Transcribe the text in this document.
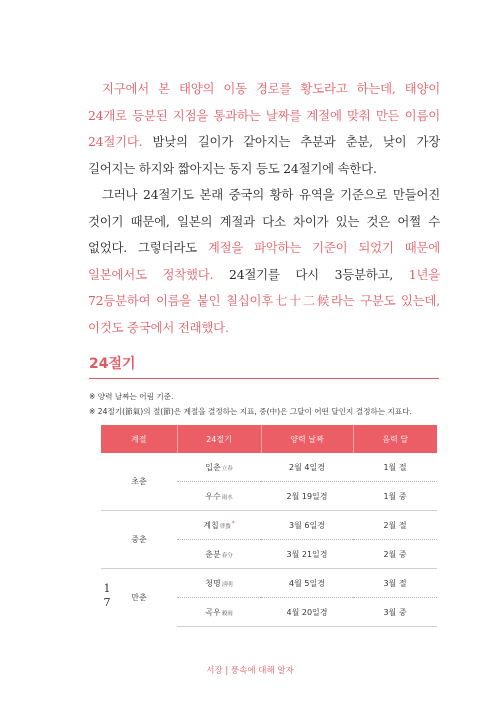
지구에서 본 태양의 이동 경로를 황도라고 하는데, 태양이 24개로 등분된 지점을 통과하는 날짜를 계절에 맞춰 만든 이름이 24절기다. 밤낮의 길이가 같아지는 추분과 춘분, 낮이 가장 길어지는 하지와 짧아지는 동지 등도 24절기에 속한다.

그러나 24절기도 본래 중국의 황하 유역을 기준으로 만들어진 것이기 때문에, 일본의 계절과 다소 차이가 있는 것은 어쩔 수 없었다. 그렇더라도 계절을 파악하는 기준이 되었기 때문에 일본에서도 정착했다. 24절기를 다시 3등분하고, 1년을 72등분하여 이름을 붙인 칠십이후七十二候라는 구분도 있는데, 이것도 중국에서 전래했다.

24절기
※ 양력 날짜는 어림 기준.
※ 24절기(節氣)의 절(節)은 계절을 결정하는 지표, 중(中)은 그달이 어떤 달인지 결정하는 지표다.
계절	24절기	양력 날짜	음력 달
초춘	입춘立春	2월 4일경	1월 절
	우수雨水	2월 19일경	1월 중
중춘	계칩啓蟄*	3월 6일경	2월 절
	춘분春分	3월 21일경	2월 중
만춘	청명淸明	4월 5일경	3월 절
	곡우穀雨	4월 20일경	3월 중
1
7
서장 | 풍속에 대해 알자
